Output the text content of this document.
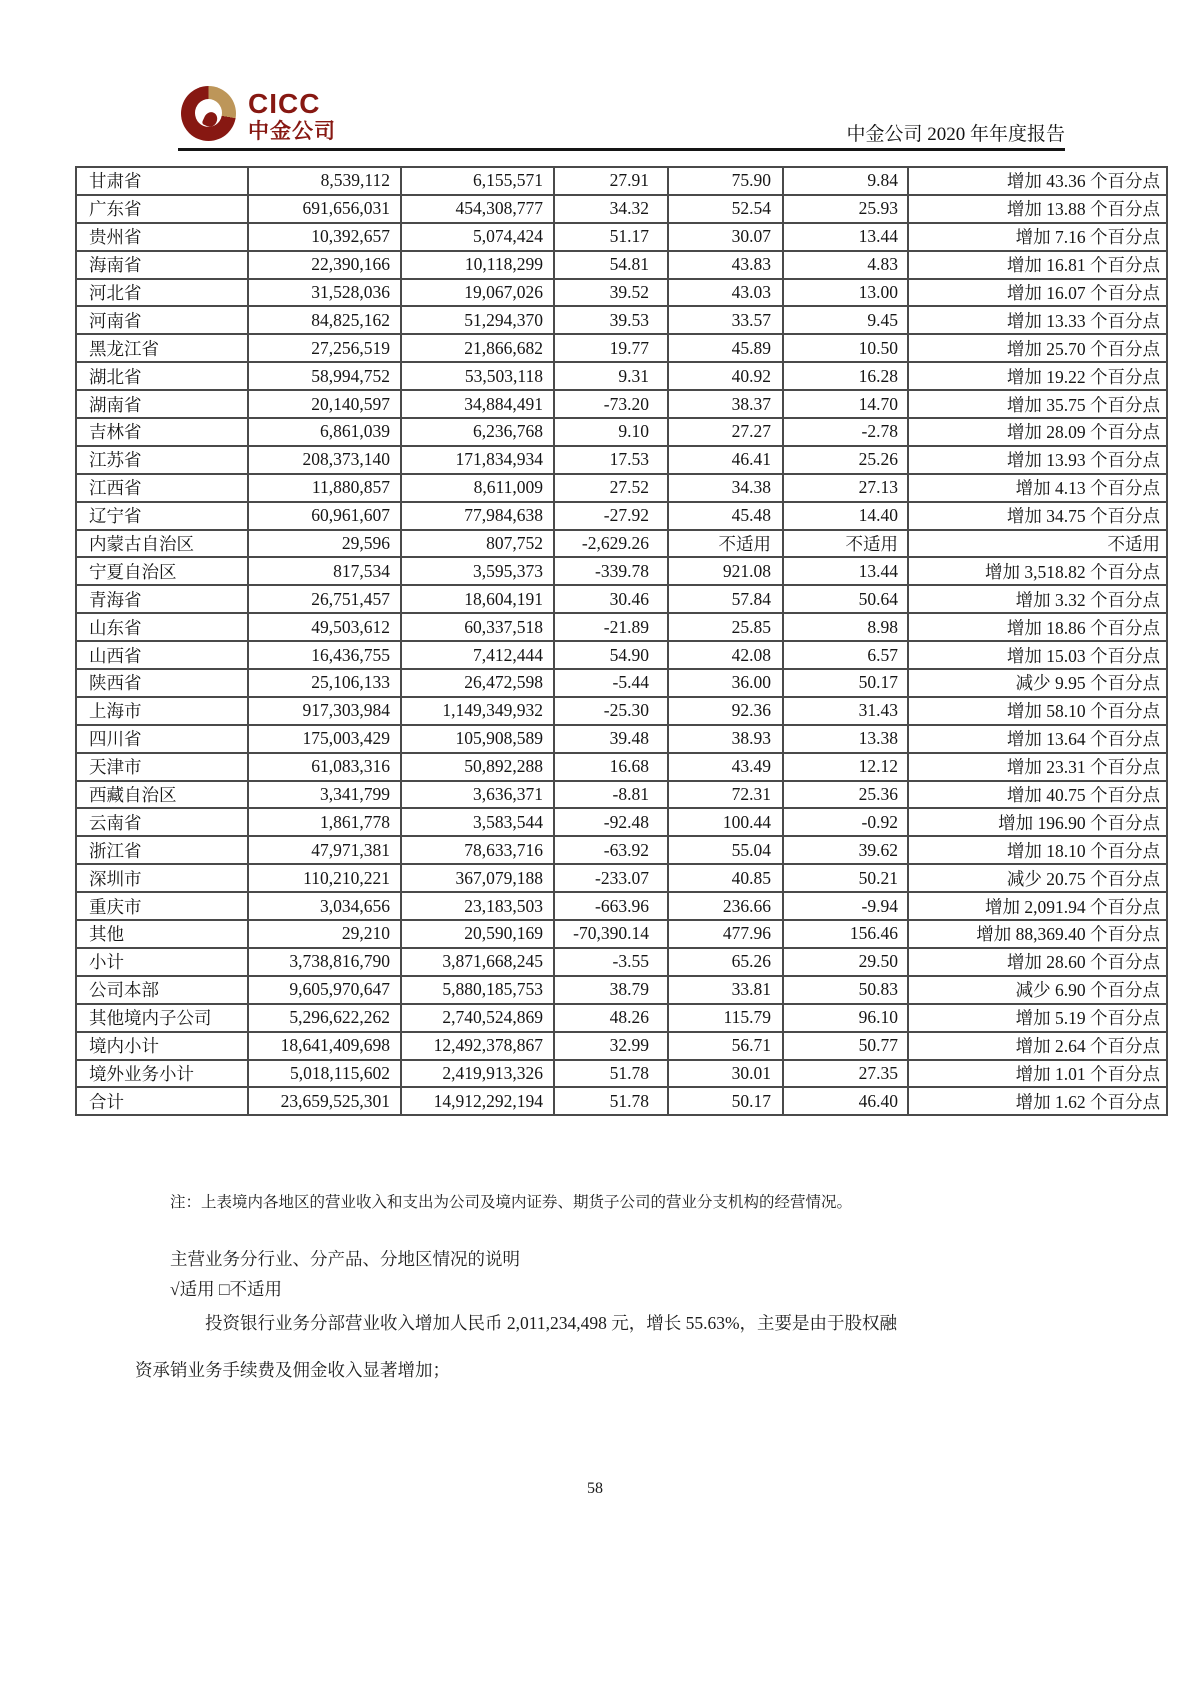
CICC
中金公司	中金公司 2020 年年度报告
甘肃省	8,539,112	6,155,571	27.91	75.90	9.84	增加 43.36 个百分点
广东省	691,656,031	454,308,777	34.32	52.54	25.93	增加 13.88 个百分点
贵州省	10,392,657	5,074,424	51.17	30.07	13.44	增加 7.16 个百分点
海南省	22,390,166	10,118,299	54.81	43.83	4.83	增加 16.81 个百分点
河北省	31,528,036	19,067,026	39.52	43.03	13.00	增加 16.07 个百分点
河南省	84,825,162	51,294,370	39.53	33.57	9.45	增加 13.33 个百分点
黑龙江省	27,256,519	21,866,682	19.77	45.89	10.50	增加 25.70 个百分点
湖北省	58,994,752	53,503,118	9.31	40.92	16.28	增加 19.22 个百分点
湖南省	20,140,597	34,884,491	-73.20	38.37	14.70	增加 35.75 个百分点
吉林省	6,861,039	6,236,768	9.10	27.27	-2.78	增加 28.09 个百分点
江苏省	208,373,140	171,834,934	17.53	46.41	25.26	增加 13.93 个百分点
江西省	11,880,857	8,611,009	27.52	34.38	27.13	增加 4.13 个百分点
辽宁省	60,961,607	77,984,638	-27.92	45.48	14.40	增加 34.75 个百分点
内蒙古自治区	29,596	807,752	-2,629.26	不适用	不适用	不适用
宁夏自治区	817,534	3,595,373	-339.78	921.08	13.44	增加 3,518.82 个百分点
青海省	26,751,457	18,604,191	30.46	57.84	50.64	增加 3.32 个百分点
山东省	49,503,612	60,337,518	-21.89	25.85	8.98	增加 18.86 个百分点
山西省	16,436,755	7,412,444	54.90	42.08	6.57	增加 15.03 个百分点
陕西省	25,106,133	26,472,598	-5.44	36.00	50.17	减少 9.95 个百分点
上海市	917,303,984	1,149,349,932	-25.30	92.36	31.43	增加 58.10 个百分点
四川省	175,003,429	105,908,589	39.48	38.93	13.38	增加 13.64 个百分点
天津市	61,083,316	50,892,288	16.68	43.49	12.12	增加 23.31 个百分点
西藏自治区	3,341,799	3,636,371	-8.81	72.31	25.36	增加 40.75 个百分点
云南省	1,861,778	3,583,544	-92.48	100.44	-0.92	增加 196.90 个百分点
浙江省	47,971,381	78,633,716	-63.92	55.04	39.62	增加 18.10 个百分点
深圳市	110,210,221	367,079,188	-233.07	40.85	50.21	减少 20.75 个百分点
重庆市	3,034,656	23,183,503	-663.96	236.66	-9.94	增加 2,091.94 个百分点
其他	29,210	20,590,169	-70,390.14	477.96	156.46	增加 88,369.40 个百分点
小计	3,738,816,790	3,871,668,245	-3.55	65.26	29.50	增加 28.60 个百分点
公司本部	9,605,970,647	5,880,185,753	38.79	33.81	50.83	减少 6.90 个百分点
其他境内子公司	5,296,622,262	2,740,524,869	48.26	115.79	96.10	增加 5.19 个百分点
境内小计	18,641,409,698	12,492,378,867	32.99	56.71	50.77	增加 2.64 个百分点
境外业务小计	5,018,115,602	2,419,913,326	51.78	30.01	27.35	增加 1.01 个百分点
合计	23,659,525,301	14,912,292,194	51.78	50.17	46.40	增加 1.62 个百分点
注：上表境内各地区的营业收入和支出为公司及境内证券、期货子公司的营业分支机构的经营情况。
主营业务分行业、分产品、分地区情况的说明
√适用 □不适用
投资银行业务分部营业收入增加人民币 2,011,234,498 元，增长 55.63%，主要是由于股权融
资承销业务手续费及佣金收入显著增加；
58
